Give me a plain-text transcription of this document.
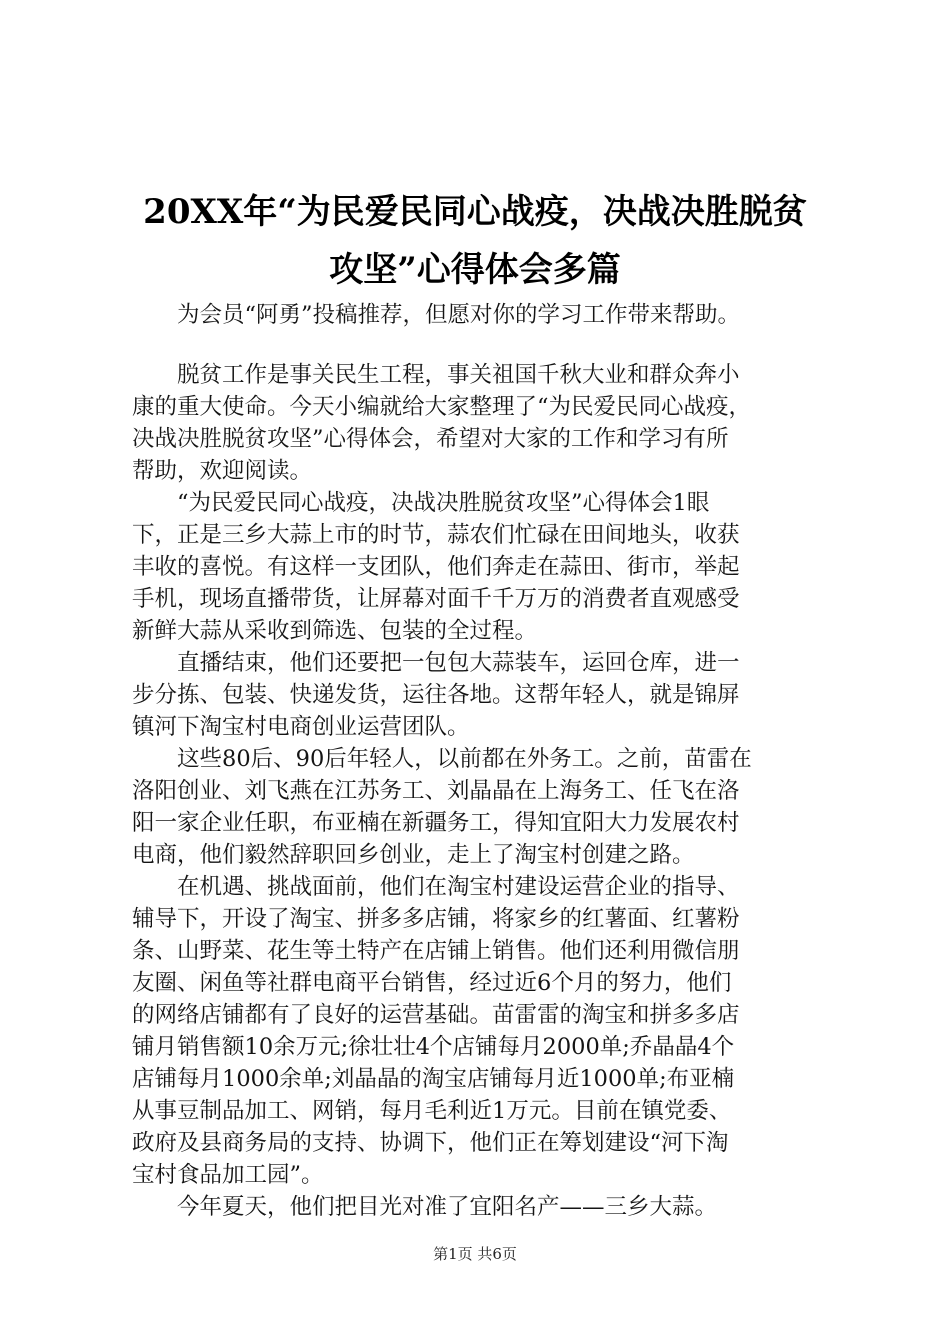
20XX年“为民爱民同心战疫，决战决胜脱贫
攻坚”心得体会多篇
　　为会员“阿勇”投稿推荐，但愿对你的学习工作带来帮助。
　　脱贫工作是事关民生工程，事关祖国千秋大业和群众奔小
康的重大使命。今天小编就给大家整理了“为民爱民同心战疫，
决战决胜脱贫攻坚”心得体会，希望对大家的工作和学习有所
帮助，欢迎阅读。
　　“为民爱民同心战疫，决战决胜脱贫攻坚”心得体会1眼
下，正是三乡大蒜上市的时节，蒜农们忙碌在田间地头，收获
丰收的喜悦。有这样一支团队，他们奔走在蒜田、街市，举起
手机，现场直播带货，让屏幕对面千千万万的消费者直观感受
新鲜大蒜从采收到筛选、包装的全过程。
　　直播结束，他们还要把一包包大蒜装车，运回仓库，进一
步分拣、包装、快递发货，运往各地。这帮年轻人，就是锦屏
镇河下淘宝村电商创业运营团队。
　　这些80后、90后年轻人，以前都在外务工。之前，苗雷在
洛阳创业、刘飞燕在江苏务工、刘晶晶在上海务工、任飞在洛
阳一家企业任职，布亚楠在新疆务工，得知宜阳大力发展农村
电商，他们毅然辞职回乡创业，走上了淘宝村创建之路。
　　在机遇、挑战面前，他们在淘宝村建设运营企业的指导、
辅导下，开设了淘宝、拼多多店铺，将家乡的红薯面、红薯粉
条、山野菜、花生等土特产在店铺上销售。他们还利用微信朋
友圈、闲鱼等社群电商平台销售，经过近6个月的努力，他们
的网络店铺都有了良好的运营基础。苗雷雷的淘宝和拼多多店
铺月销售额10余万元;徐壮壮4个店铺每月2000单;乔晶晶4个
店铺每月1000余单;刘晶晶的淘宝店铺每月近1000单;布亚楠
从事豆制品加工、网销，每月毛利近1万元。目前在镇党委、
政府及县商务局的支持、协调下，他们正在筹划建设“河下淘
宝村食品加工园”。
　　今年夏天，他们把目光对准了宜阳名产——三乡大蒜。
第1页 共6页
